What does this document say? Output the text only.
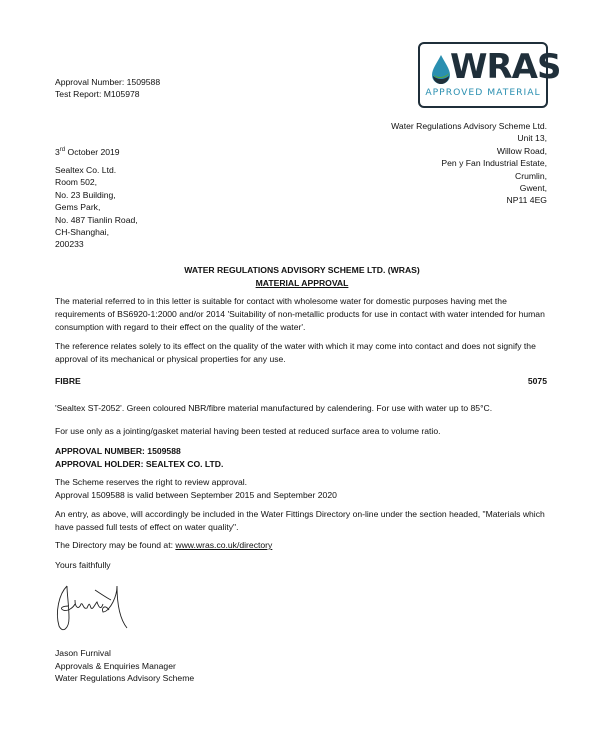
Approval Number: 1509588
Test Report: M105978
WRAS
APPROVED MATERIAL
Water Regulations Advisory Scheme Ltd.
Unit 13,
Willow Road,
Pen y Fan Industrial Estate,
Crumlin,
Gwent,
NP11 4EG
3rd October 2019
Sealtex Co. Ltd.
Room 502,
No. 23 Building,
Gems Park,
No. 487 Tianlin Road,
CH-Shanghai,
200233
WATER REGULATIONS ADVISORY SCHEME LTD. (WRAS)
MATERIAL APPROVAL
The material referred to in this letter is suitable for contact with wholesome water for domestic purposes having met the
requirements of BS6920-1:2000 and/or 2014 'Suitability of non-metallic products for use in contact with water intended for human
consumption with regard to their effect on the quality of the water'.
The reference relates solely to its effect on the quality of the water with which it may come into contact and does not signify the
approval of its mechanical or physical properties for any use.
FIBRE	5075
'Sealtex ST-2052'. Green coloured NBR/fibre material manufactured by calendering. For use with water up to 85°C.
For use only as a jointing/gasket material having been tested at reduced surface area to volume ratio.
APPROVAL NUMBER: 1509588
APPROVAL HOLDER: SEALTEX CO. LTD.
The Scheme reserves the right to review approval.
Approval 1509588 is valid between September 2015 and September 2020
An entry, as above, will accordingly be included in the Water Fittings Directory on-line under the section headed, "Materials which
have passed full tests of effect on water quality".
The Directory may be found at: www.wras.co.uk/directory
Yours faithfully
Jason Furnival
Approvals & Enquiries Manager
Water Regulations Advisory Scheme
